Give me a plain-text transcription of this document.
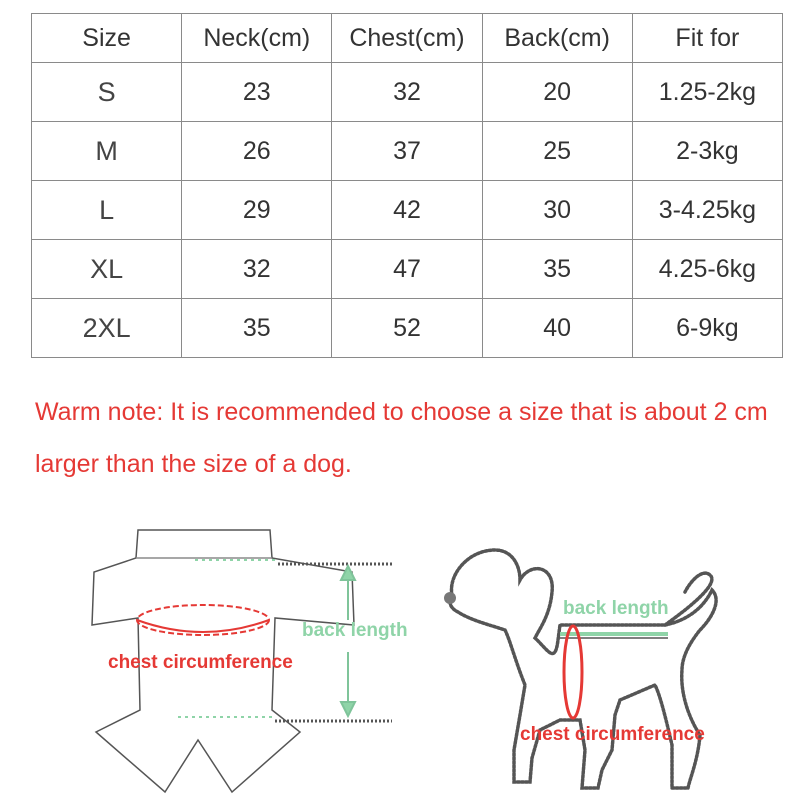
Size	Neck(cm)	Chest(cm)	Back(cm)	Fit for
S	23	32	20	1.25-2kg
M	26	37	25	2-3kg
L	29	42	30	3-4.25kg
XL	32	47	35	4.25-6kg
2XL	35	52	40	6-9kg

Warm note: It is recommended to choose a size that is about 2 cm larger than the size of a dog.

back length
chest circumference
back length
chest circumference
